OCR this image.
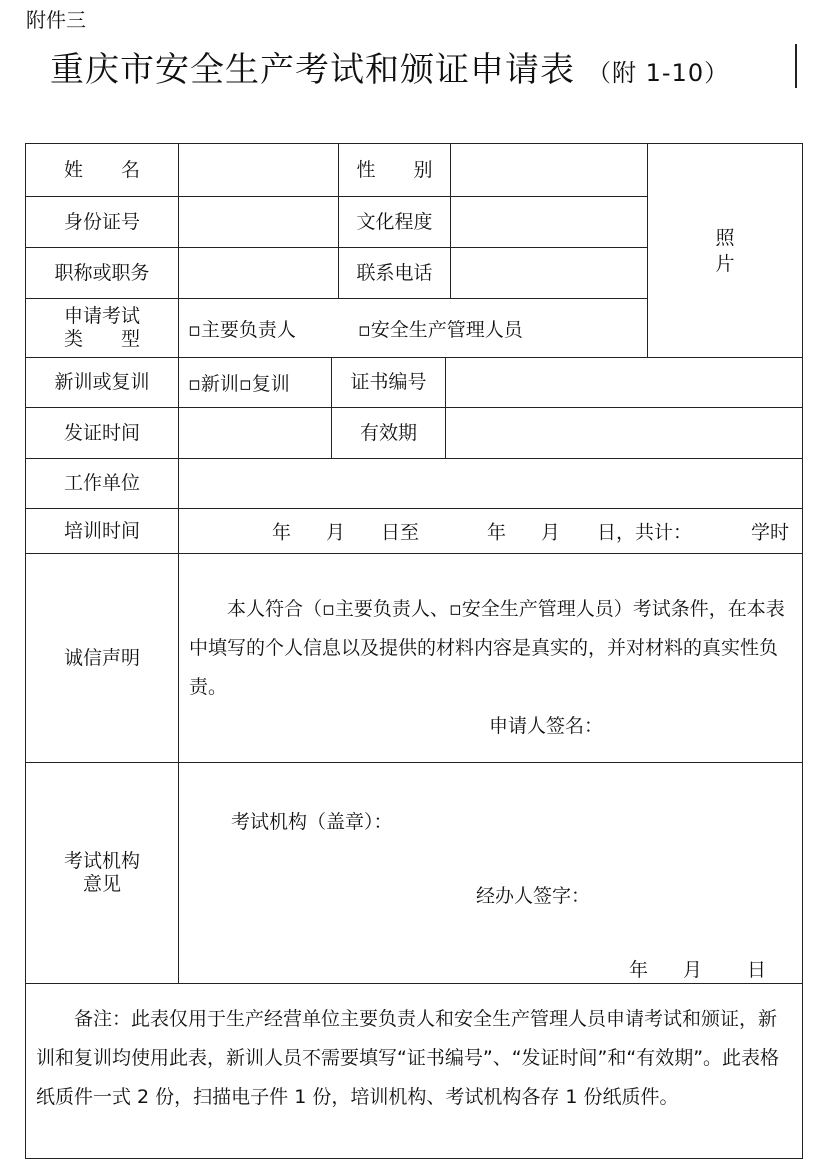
附件三
重庆市安全生产考试和颁证申请表 （附 1-10）
姓　　名	性　　别
照
片
身份证号	文化程度
职称或职务	联系电话
申请考试
类　　型	▫主要负责人	▫安全生产管理人员
新训或复训	▫新训▫复训	证书编号
发证时间	有效期
工作单位
培训时间	年 月 日至	年 月 日，共计：	学时
诚信声明
本人符合（▫主要负责人、▫安全生产管理人员）考试条件，在本表中填写的个人信息以及提供的材料内容是真实的，并对材料的真实性负责。
申请人签名：
考试机构
意见
考试机构（盖章）：
经办人签字：
年 月 日
备注：此表仅用于生产经营单位主要负责人和安全生产管理人员申请考试和颁证，新训和复训均使用此表，新训人员不需要填写“证书编号”、“发证时间”和“有效期”。此表格纸质件一式 2 份，扫描电子件 1 份，培训机构、考试机构各存 1 份纸质件。
